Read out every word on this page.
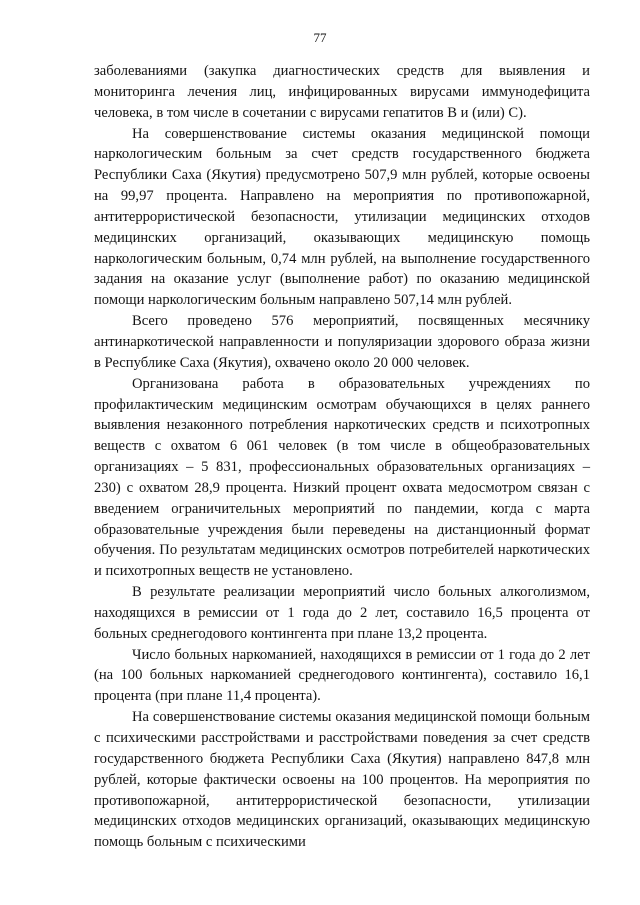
77

заболеваниями (закупка диагностических средств для выявления и мониторинга лечения лиц, инфицированных вирусами иммунодефицита человека, в том числе в сочетании с вирусами гепатитов В и (или) С).

На совершенствование системы оказания медицинской помощи наркологическим больным за счет средств государственного бюджета Республики Саха (Якутия) предусмотрено 507,9 млн рублей, которые освоены на 99,97 процента. Направлено на мероприятия по противопожарной, антитеррористической безопасности, утилизации медицинских отходов медицинских организаций, оказывающих медицинскую помощь наркологическим больным, 0,74 млн рублей, на выполнение государственного задания на оказание услуг (выполнение работ) по оказанию медицинской помощи наркологическим больным направлено 507,14 млн рублей.

Всего проведено 576 мероприятий, посвященных месячнику антинаркотической направленности и популяризации здорового образа жизни в Республике Саха (Якутия), охвачено около 20 000 человек.

Организована работа в образовательных учреждениях по профилактическим медицинским осмотрам обучающихся в целях раннего выявления незаконного потребления наркотических средств и психотропных веществ с охватом 6 061 человек (в том числе в общеобразовательных организациях – 5 831, профессиональных образовательных организациях – 230) с охватом 28,9 процента. Низкий процент охвата медосмотром связан с введением ограничительных мероприятий по пандемии, когда с марта образовательные учреждения были переведены на дистанционный формат обучения. По результатам медицинских осмотров потребителей наркотических и психотропных веществ не установлено.

В результате реализации мероприятий число больных алкоголизмом, находящихся в ремиссии от 1 года до 2 лет, составило 16,5 процента от больных среднегодового контингента при плане 13,2 процента.

Число больных наркоманией, находящихся в ремиссии от 1 года до 2 лет (на 100 больных наркоманией среднегодового контингента), составило 16,1 процента (при плане 11,4 процента).

На совершенствование системы оказания медицинской помощи больным с психическими расстройствами и расстройствами поведения за счет средств государственного бюджета Республики Саха (Якутия) направлено 847,8 млн рублей, которые фактически освоены на 100 процентов. На мероприятия по противопожарной, антитеррористической безопасности, утилизации медицинских отходов медицинских организаций, оказывающих медицинскую помощь больным с психическими
